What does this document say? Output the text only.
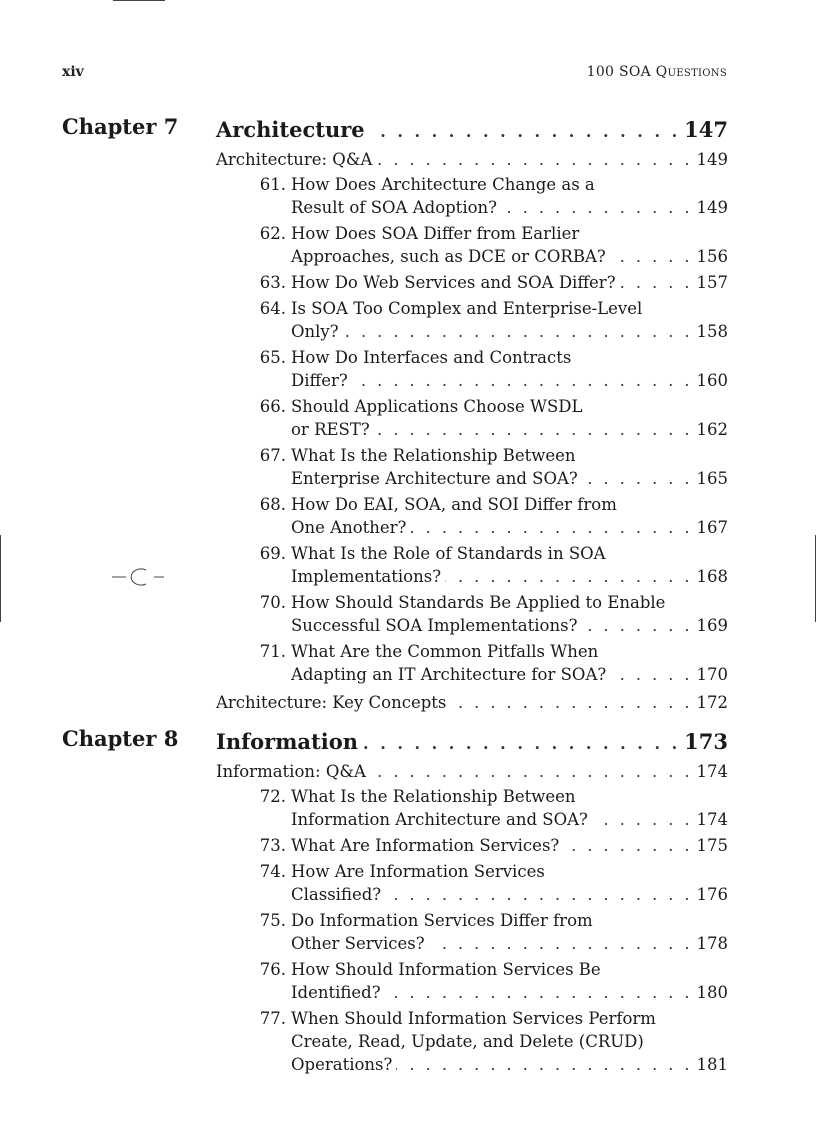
xiv	100 SOA Questions
Chapter 7 Architecture . . .	147
Architecture: Q&A . . .	149
61. How Does Architecture Change as a
Result of SOA Adoption? . . .	149
62. How Does SOA Differ from Earlier
Approaches, such as DCE or CORBA? . . .	156
63. How Do Web Services and SOA Differ? . . .	157
64. Is SOA Too Complex and Enterprise-Level
Only? . . .	158
65. How Do Interfaces and Contracts
Differ? . . .	160
66. Should Applications Choose WSDL
or REST? . . .	162
67. What Is the Relationship Between
Enterprise Architecture and SOA? . . .	165
68. How Do EAI, SOA, and SOI Differ from
One Another? . . .	167
69. What Is the Role of Standards in SOA
Implementations? . . .	168
70. How Should Standards Be Applied to Enable
Successful SOA Implementations? . . .	169
71. What Are the Common Pitfalls When
Adapting an IT Architecture for SOA? . . .	170
Architecture: Key Concepts . . .	172
Chapter 8 Information . . .	173
Information: Q&A . . .	174
72. What Is the Relationship Between
Information Architecture and SOA? . . .	174
73. What Are Information Services? . . .	175
74. How Are Information Services
Classified? . . .	176
75. Do Information Services Differ from
Other Services? . . .	178
76. How Should Information Services Be
Identified? . . .	180
77. When Should Information Services Perform
Create, Read, Update, and Delete (CRUD)
Operations? . . .	181
